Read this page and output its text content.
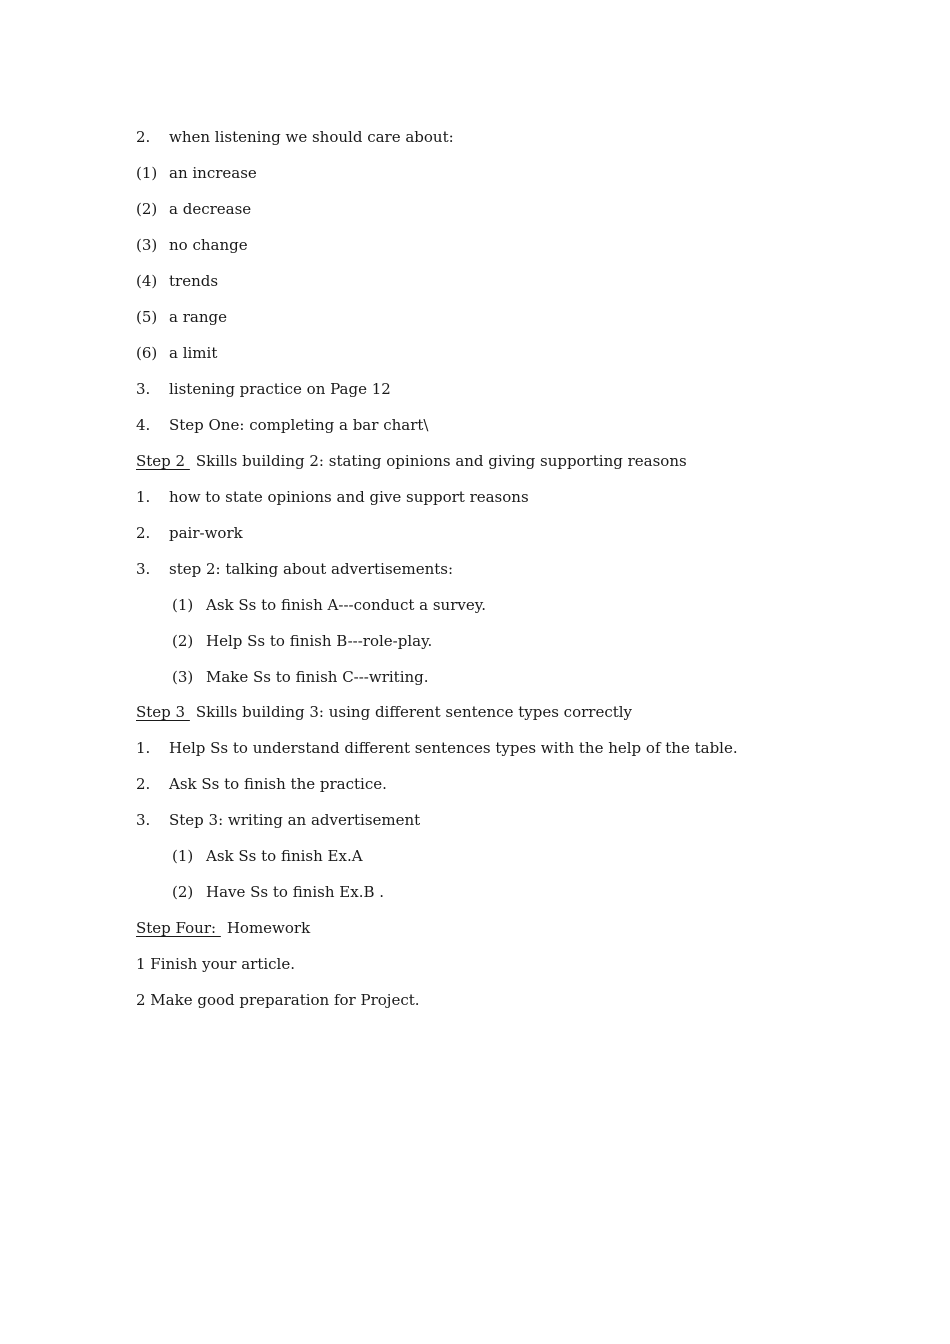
2. when listening we should care about:
(1) an increase
(2) a decrease
(3) no change
(4) trends
(5) a range
(6) a limit
3. listening practice on Page 12
4. Step One: completing a bar chart\
Step 2 Skills building 2: stating opinions and giving supporting reasons
1. how to state opinions and give support reasons
2. pair-work
3. step 2: talking about advertisements:
(1) Ask Ss to finish A---conduct a survey.
(2) Help Ss to finish B---role-play.
(3) Make Ss to finish C---writing.
Step 3 Skills building 3: using different sentence types correctly
1. Help Ss to understand different sentences types with the help of the table.
2. Ask Ss to finish the practice.
3. Step 3: writing an advertisement
(1) Ask Ss to finish Ex.A
(2) Have Ss to finish Ex.B .
Step Four: Homework
1 Finish your article.
2 Make good preparation for Project.
